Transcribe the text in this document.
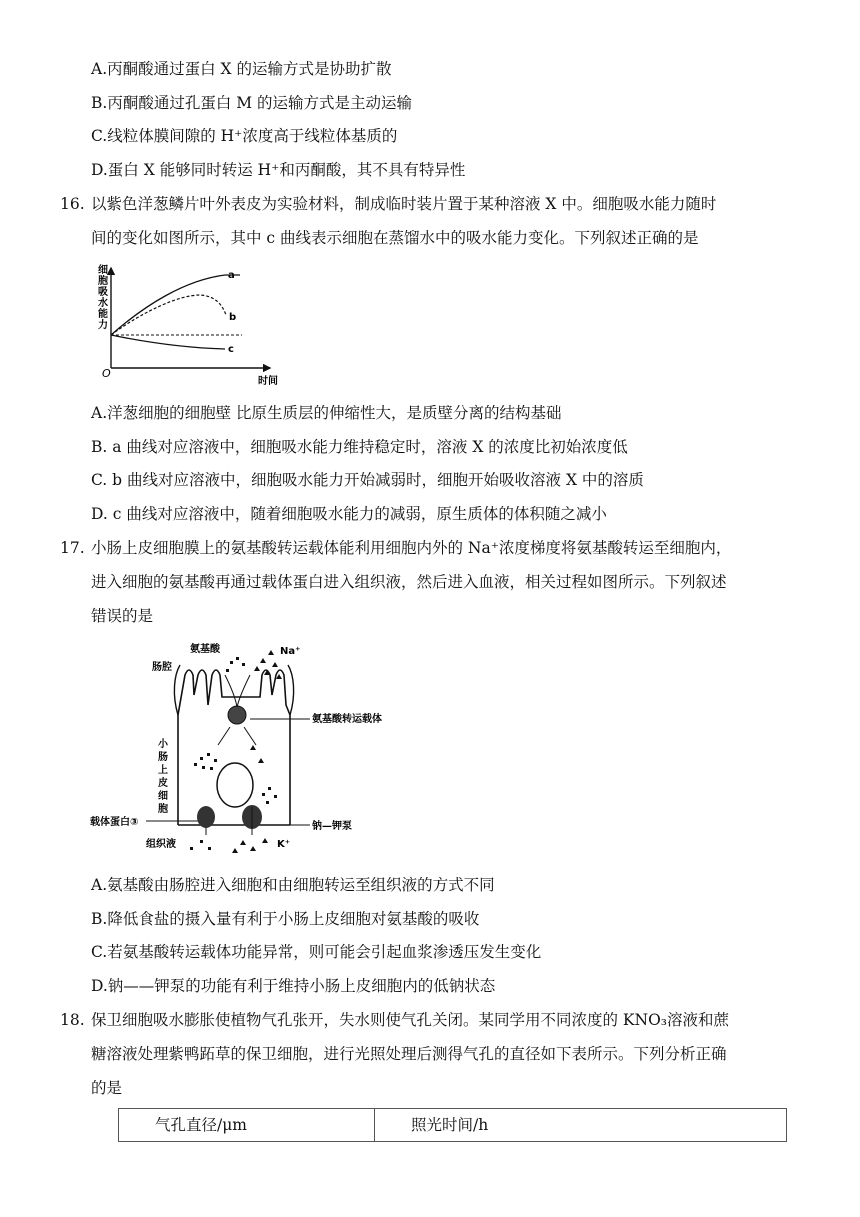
A.丙酮酸通过蛋白 X 的运输方式是协助扩散
B.丙酮酸通过孔蛋白 M 的运输方式是主动运输
C.线粒体膜间隙的 H⁺浓度高于线粒体基质的
D.蛋白 X 能够同时转运 H⁺和丙酮酸，其不具有特异性
16. 以紫色洋葱鳞片叶外表皮为实验材料，制成临时装片置于某种溶液 X 中。细胞吸水能力随时
间的变化如图所示，其中 c 曲线表示细胞在蒸馏水中的吸水能力变化。下列叙述正确的是
细
胞
吸
水
能
力
O
时间
a
b
c
A.洋葱细胞的细胞壁 比原生质层的伸缩性大，是质壁分离的结构基础
B. a 曲线对应溶液中，细胞吸水能力维持稳定时，溶液 X 的浓度比初始浓度低
C. b 曲线对应溶液中，细胞吸水能力开始减弱时，细胞开始吸收溶液 X 中的溶质
D. c 曲线对应溶液中，随着细胞吸水能力的减弱，原生质体的体积随之减小
17. 小肠上皮细胞膜上的氨基酸转运载体能利用细胞内外的 Na⁺浓度梯度将氨基酸转运至细胞内，
进入细胞的氨基酸再通过载体蛋白进入组织液，然后进入血液，相关过程如图所示。下列叙述
错误的是
氨基酸	Na⁺
肠腔
氨基酸转运载体
小
肠
上
皮
细
胞
载体蛋白③	钠—钾泵
组织液	K⁺
A.氨基酸由肠腔进入细胞和由细胞转运至组织液的方式不同
B.降低食盐的摄入量有利于小肠上皮细胞对氨基酸的吸收
C.若氨基酸转运载体功能异常，则可能会引起血浆渗透压发生变化
D.钠——钾泵的功能有利于维持小肠上皮细胞内的低钠状态
18. 保卫细胞吸水膨胀使植物气孔张开，失水则使气孔关闭。某同学用不同浓度的 KNO₃溶液和蔗
糖溶液处理紫鸭跖草的保卫细胞，进行光照处理后测得气孔的直径如下表所示。下列分析正确
的是
气孔直径/μm	照光时间/h
